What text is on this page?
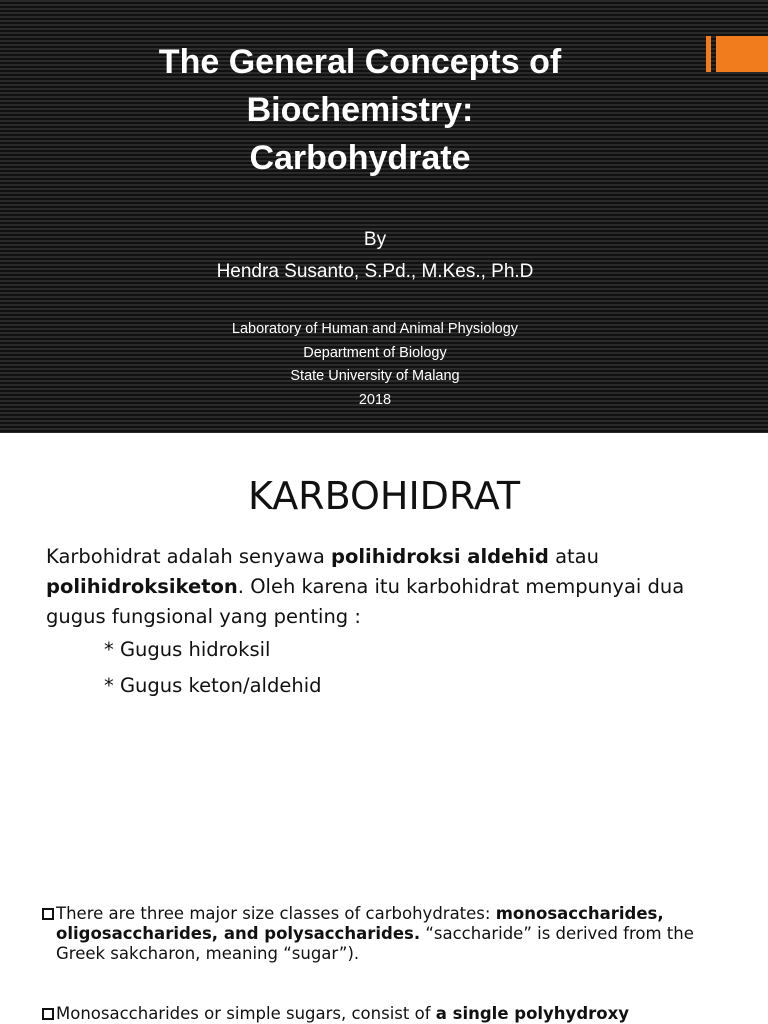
The General Concepts of
Biochemistry:
Carbohydrate
By
Hendra Susanto, S.Pd., M.Kes., Ph.D
Laboratory of Human and Animal Physiology
Department of Biology
State University of Malang
2018
KARBOHIDRAT
Karbohidrat adalah senyawa polihidroksi aldehid atau
polihidroksiketon. Oleh karena itu karbohidrat mempunyai dua
gugus fungsional yang penting :
* Gugus hidroksil
* Gugus keton/aldehid
There are three major size classes of carbohydrates: monosaccharides,

oligosaccharides, and polysaccharides. “saccharide” is derived from the
Greek sakcharon, meaning “sugar”).
Monosaccharides or simple sugars, consist of a single polyhydroxy
